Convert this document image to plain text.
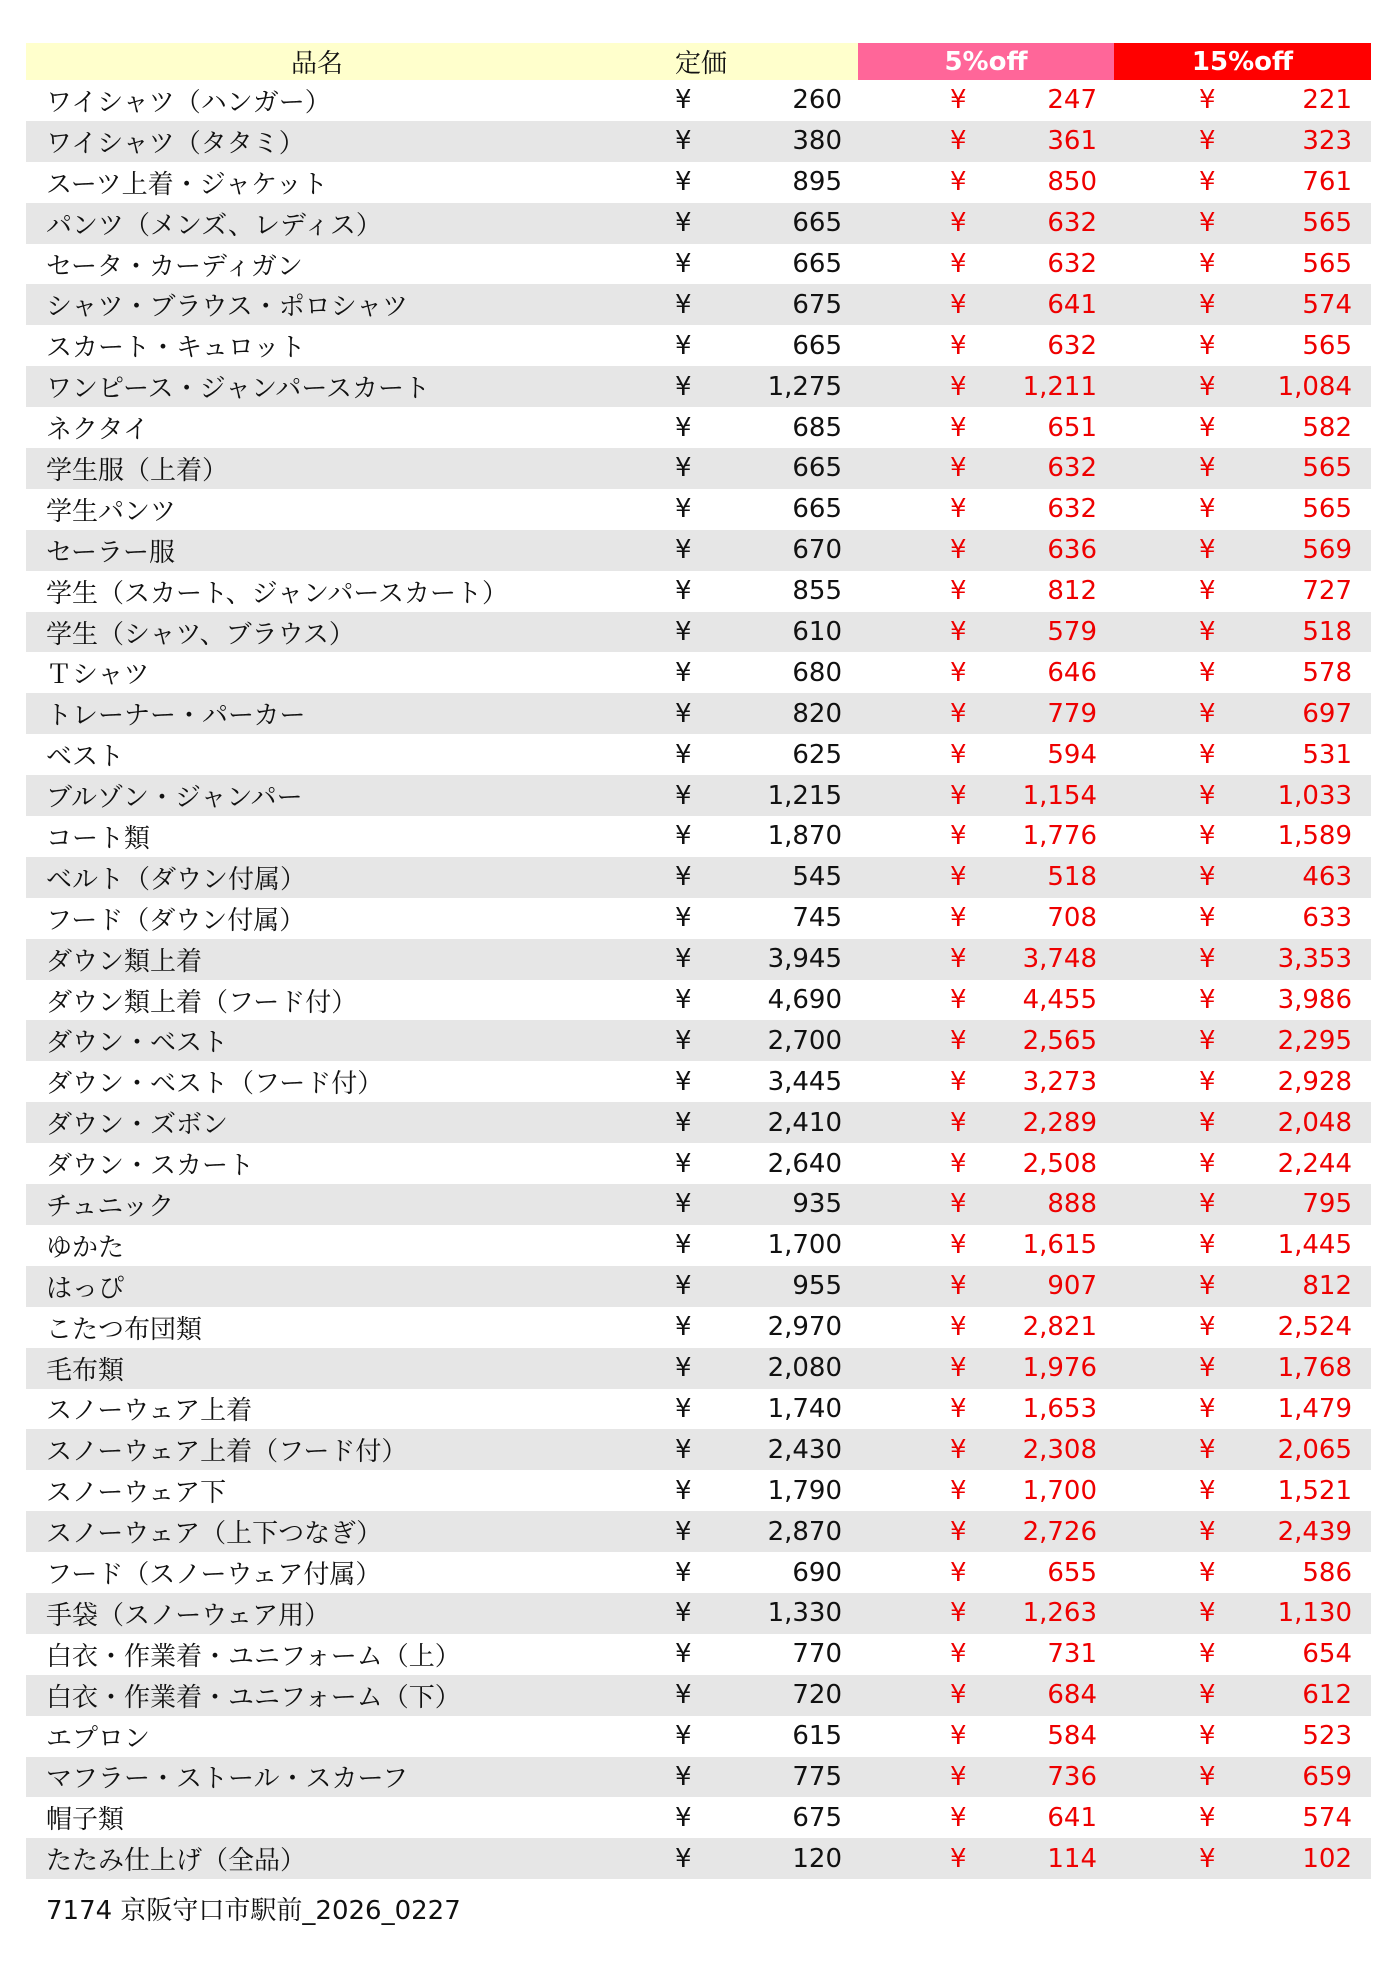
品名	定価	5%off	15%off
ワイシャツ（ハンガー）	¥	260	¥	247	¥	221
ワイシャツ（タタミ）	¥	380	¥	361	¥	323
スーツ上着・ジャケット	¥	895	¥	850	¥	761
パンツ（メンズ、レディス）	¥	665	¥	632	¥	565
セータ・カーディガン	¥	665	¥	632	¥	565
シャツ・ブラウス・ポロシャツ	¥	675	¥	641	¥	574
スカート・キュロット	¥	665	¥	632	¥	565
ワンピース・ジャンパースカート	¥	1,275	¥ 1,211	¥ 1,084
ネクタイ	¥	685	¥	651	¥	582
学生服（上着）	¥	665	¥	632	¥	565
学生パンツ	¥	665	¥	632	¥	565
セーラー服	¥	670	¥	636	¥	569
学生（スカート、ジャンパースカート）	¥	855	¥	812	¥	727
学生（シャツ、ブラウス）	¥	610	¥	579	¥	518
Ｔシャツ	¥	680	¥	646	¥	578
トレーナー・パーカー	¥	820	¥	779	¥	697
ベスト	¥	625	¥	594	¥	531
ブルゾン・ジャンパー	¥	1,215	¥ 1,154	¥ 1,033
コート類	¥	1,870	¥ 1,776	¥ 1,589
ベルト（ダウン付属）	¥	545	¥	518	¥	463
フード（ダウン付属）	¥	745	¥	708	¥	633
ダウン類上着	¥	3,945	¥ 3,748	¥ 3,353
ダウン類上着（フード付）	¥	4,690	¥ 4,455	¥ 3,986
ダウン・ベスト	¥	2,700	¥ 2,565	¥ 2,295
ダウン・ベスト（フード付）	¥	3,445	¥ 3,273	¥ 2,928
ダウン・ズボン	¥	2,410	¥ 2,289	¥ 2,048
ダウン・スカート	¥	2,640	¥ 2,508	¥ 2,244
チュニック	¥	935	¥	888	¥	795
ゆかた	¥	1,700	¥ 1,615	¥ 1,445
はっぴ	¥	955	¥	907	¥	812
こたつ布団類	¥	2,970	¥ 2,821	¥ 2,524
毛布類	¥	2,080	¥ 1,976	¥ 1,768
スノーウェア上着	¥	1,740	¥ 1,653	¥ 1,479
スノーウェア上着（フード付）	¥	2,430	¥ 2,308	¥ 2,065
スノーウェア下	¥	1,790	¥ 1,700	¥ 1,521
スノーウェア（上下つなぎ）	¥	2,870	¥ 2,726	¥ 2,439
フード（スノーウェア付属）	¥	690	¥	655	¥	586
手袋（スノーウェア用）	¥	1,330	¥ 1,263	¥ 1,130
白衣・作業着・ユニフォーム（上）	¥	770	¥	731	¥	654
白衣・作業着・ユニフォーム（下）	¥	720	¥	684	¥	612
エプロン	¥	615	¥	584	¥	523
マフラー・ストール・スカーフ	¥	775	¥	736	¥	659
帽子類	¥	675	¥	641	¥	574
たたみ仕上げ（全品）	¥	120	¥	114	¥	102
7174 京阪守口市駅前_2026_0227
